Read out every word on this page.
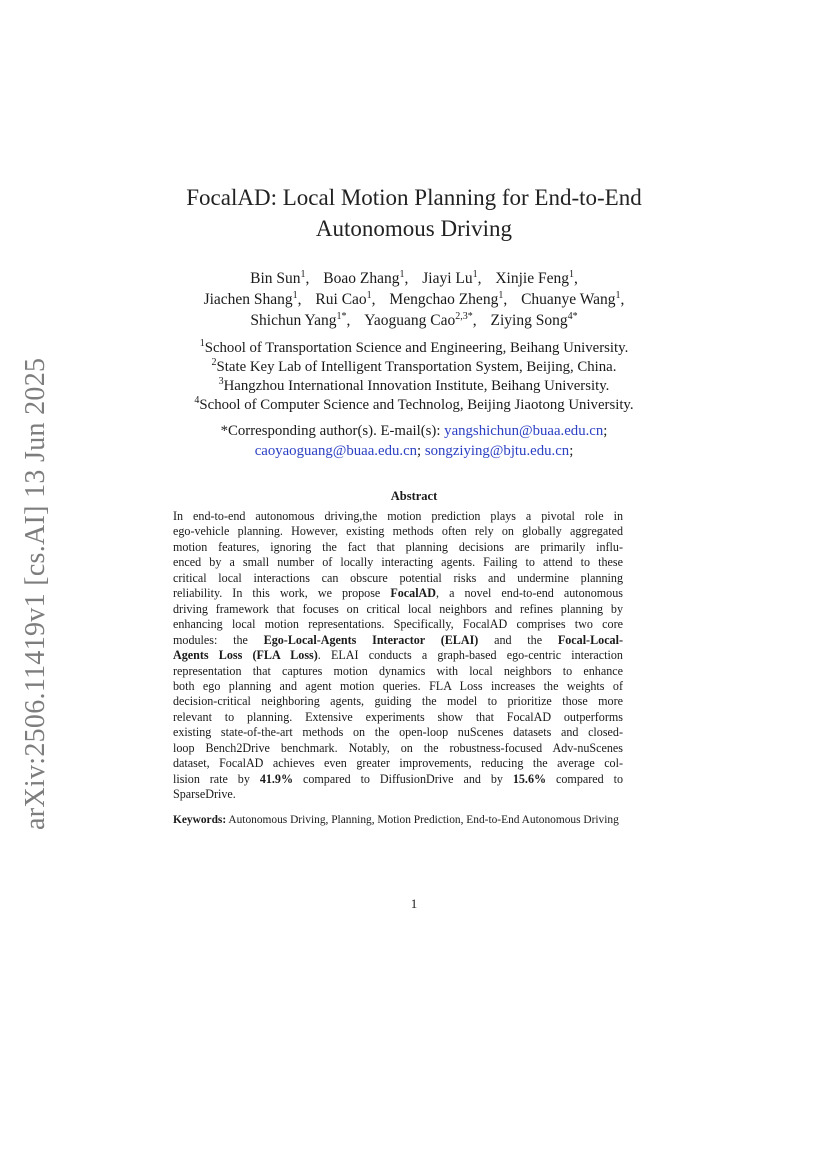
arXiv:2506.11419v1 [cs.AI] 13 Jun 2025
FocalAD: Local Motion Planning for End-to-End
Autonomous Driving
Bin Sun$^1$, Boao Zhang$^1$, Jiayi Lu$^1$, Xinjie Feng$^1$,
Jiachen Shang$^1$, Rui Cao$^1$, Mengchao Zheng$^1$, Chuanye Wang$^1$,
Shichun Yang$^{1*}$, Yaoguang Cao$^{2,3*}$, Ziying Song$^{4*}$
$^1$School of Transportation Science and Engineering, Beihang University.
$^2$State Key Lab of Intelligent Transportation System, Beijing, China.
$^3$Hangzhou International Innovation Institute, Beihang University.
$^4$School of Computer Science and Technolog, Beijing Jiaotong University.
*Corresponding author(s). E-mail(s): yangshichun@buaa.edu.cn;
caoyaoguang@buaa.edu.cn; songziying@bjtu.edu.cn;
Abstract
In end-to-end autonomous driving,the motion prediction plays a pivotal role in
ego-vehicle planning. However, existing methods often rely on globally aggregated
motion features, ignoring the fact that planning decisions are primarily influ-
enced by a small number of locally interacting agents. Failing to attend to these
critical local interactions can obscure potential risks and undermine planning
reliability. In this work, we propose FocalAD, a novel end-to-end autonomous
driving framework that focuses on critical local neighbors and refines planning by
enhancing local motion representations. Specifically, FocalAD comprises two core
modules: the Ego-Local-Agents Interactor (ELAI) and the Focal-Local-
Agents Loss (FLA Loss). ELAI conducts a graph-based ego-centric interaction
representation that captures motion dynamics with local neighbors to enhance
both ego planning and agent motion queries. FLA Loss increases the weights of
decision-critical neighboring agents, guiding the model to prioritize those more
relevant to planning. Extensive experiments show that FocalAD outperforms
existing state-of-the-art methods on the open-loop nuScenes datasets and closed-
loop Bench2Drive benchmark. Notably, on the robustness-focused Adv-nuScenes
dataset, FocalAD achieves even greater improvements, reducing the average col-
lision rate by 41.9% compared to DiffusionDrive and by 15.6% compared to
SparseDrive.
Keywords: Autonomous Driving, Planning, Motion Prediction, End-to-End Autonomous Driving
1
